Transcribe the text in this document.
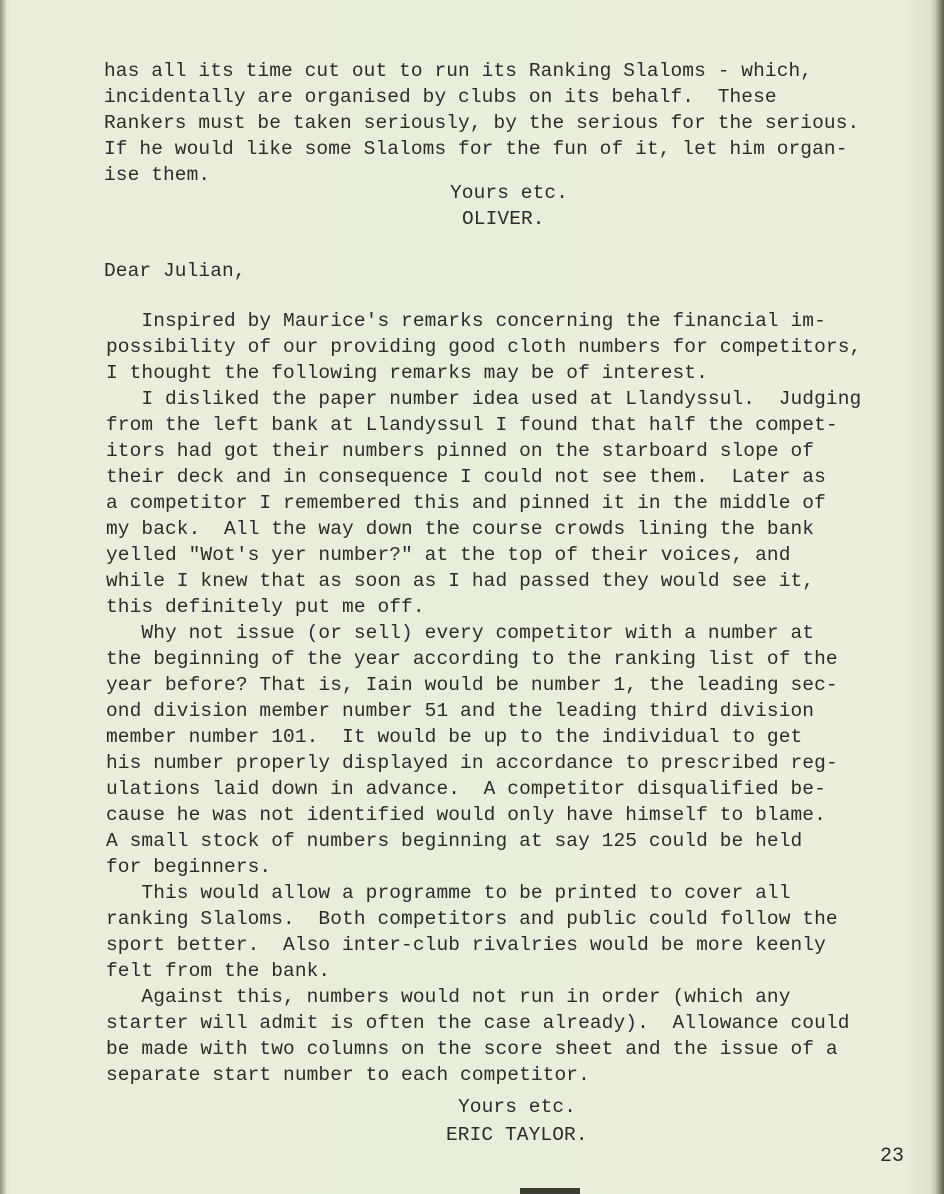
has all its time cut out to run its Ranking Slaloms - which,
incidentally are organised by clubs on its behalf.  These
Rankers must be taken seriously, by the serious for the serious.
If he would like some Slaloms for the fun of it, let him organ-
ise them.
Yours etc.
OLIVER.
Dear Julian,
Inspired by Maurice's remarks concerning the financial im-
possibility of our providing good cloth numbers for competitors,
I thought the following remarks may be of interest.
I disliked the paper number idea used at Llandyssul.  Judging
from the left bank at Llandyssul I found that half the compet-
itors had got their numbers pinned on the starboard slope of
their deck and in consequence I could not see them.  Later as
a competitor I remembered this and pinned it in the middle of
my back.  All the way down the course crowds lining the bank
yelled "Wot's yer number?" at the top of their voices, and
while I knew that as soon as I had passed they would see it,
this definitely put me off.
Why not issue (or sell) every competitor with a number at
the beginning of the year according to the ranking list of the
year before? That is, Iain would be number 1, the leading sec-
ond division member number 51 and the leading third division
member number 101.  It would be up to the individual to get
his number properly displayed in accordance to prescribed reg-
ulations laid down in advance.  A competitor disqualified be-
cause he was not identified would only have himself to blame.
A small stock of numbers beginning at say 125 could be held
for beginners.
This would allow a programme to be printed to cover all
ranking Slaloms.  Both competitors and public could follow the
sport better.  Also inter-club rivalries would be more keenly
felt from the bank.
Against this, numbers would not run in order (which any
starter will admit is often the case already).  Allowance could
be made with two columns on the score sheet and the issue of a
separate start number to each competitor.
Yours etc.
ERIC TAYLOR.
23
